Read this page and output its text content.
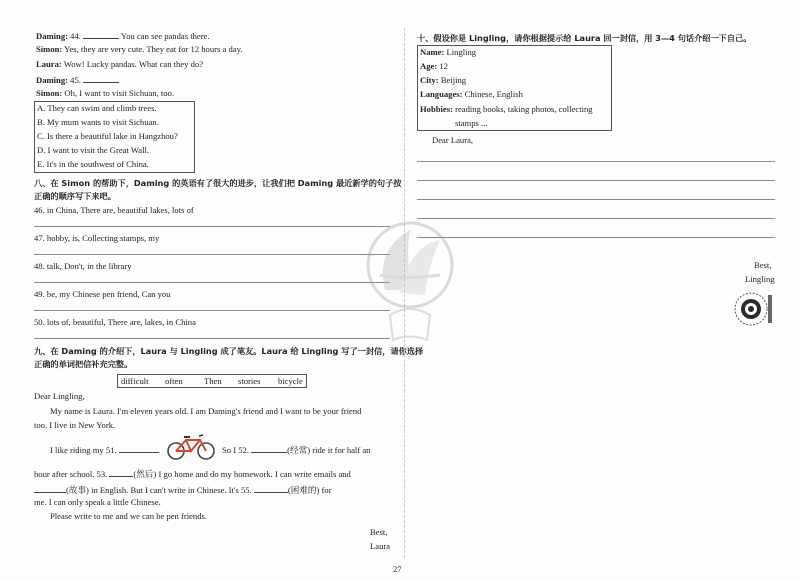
Daming: 44.	You can see pandas there.
Simon: Yes, they are very cute. They eat for 12 hours a day.
Laura: Wow! Lucky pandas. What can they do?
Daming: 45.
Simon: Oh, I want to visit Sichuan, too.
A. They can swim and climb trees.
B. My mum wants to visit Sichuan.
C. Is there a beautiful lake in Hangzhou?
D. I want to visit the Great Wall.
E. It's in the southwest of China.
八、在 Simon 的帮助下，Daming 的英语有了很大的进步，让我们把 Daming 最近新学的句子按
正确的顺序写下来吧。
46. in China, There are, beautiful lakes, lots of
47. hobby, is, Collecting stamps, my
48. talk, Don't, in the library
49. be, my Chinese pen friend, Can you
50. lots of, beautiful, There are, lakes, in China
九、在 Daming 的介绍下，Laura 与 Lingling 成了笔友。Laura 给 Lingling 写了一封信，请你选择
正确的单词把信补充完整。
difficult often Then stories bicycle
Dear Lingling,
My name is Laura. I'm eleven years old. I am Daming's friend and I want to be your friend
too. I live in New York.
I like riding my 51.	So I 52.	(经常) ride it for half an
hour after school. 53.	(然后) I go home and do my homework. I can write emails and
(故事) in English. But I can't write in Chinese. It's 55.	(困难的) for
me. I can only speak a little Chinese.
Please write to me and we can be pen friends.
Best,
Laura
27
十、假设你是 Lingling，请你根据提示给 Laura 回一封信，用 3—4 句话介绍一下自己。
Name: Lingling
Age: 12
City: Beijing
Languages: Chinese, English
Hobbies: reading books, taking photos, collecting
stamps ...
Dear Laura,
Best,
Lingling
